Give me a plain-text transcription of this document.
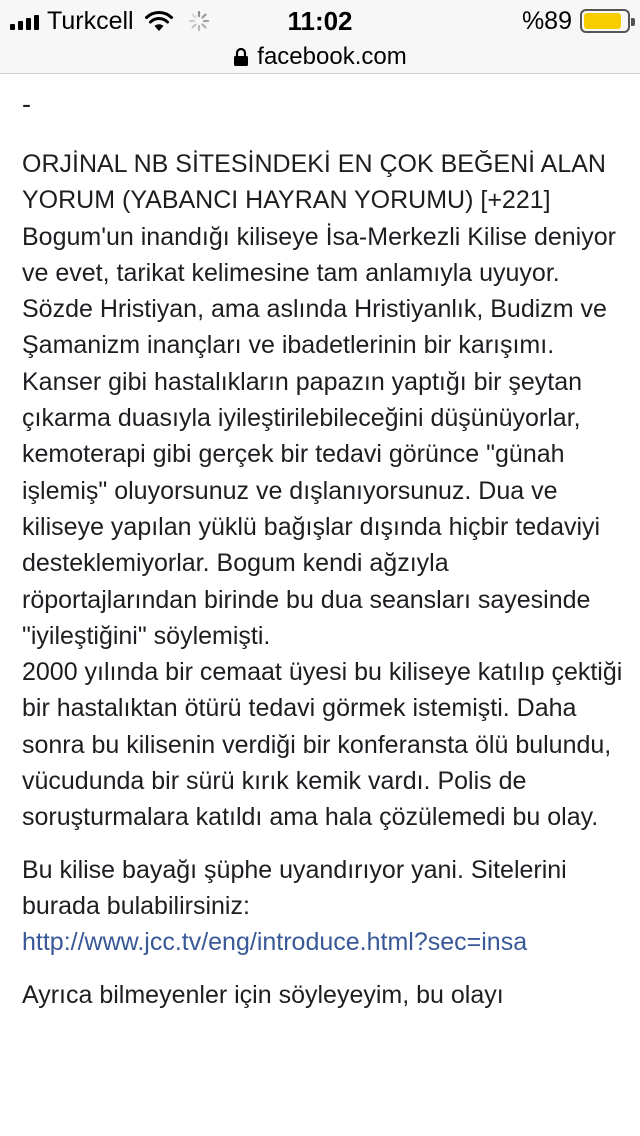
Turkcell	11:02	%89
facebook.com
-

ORJİNAL NB SİTESİNDEKİ EN ÇOK BEĞENİ ALAN YORUM (YABANCI HAYRAN YORUMU) [+221] Bogum'un inandığı kiliseye İsa-Merkezli Kilise deniyor ve evet, tarikat kelimesine tam anlamıyla uyuyor. Sözde Hristiyan, ama aslında Hristiyanlık, Budizm ve Şamanizm inançları ve ibadetlerinin bir karışımı. Kanser gibi hastalıkların papazın yaptığı bir şeytan çıkarma duasıyla iyileştirilebileceğini düşünüyorlar, kemoterapi gibi gerçek bir tedavi görünce "günah işlemiş" oluyorsunuz ve dışlanıyorsunuz. Dua ve kiliseye yapılan yüklü bağışlar dışında hiçbir tedaviyi desteklemiyorlar. Bogum kendi ağzıyla röportajlarından birinde bu dua seansları sayesinde "iyileştiğini" söylemişti.

2000 yılında bir cemaat üyesi bu kiliseye katılıp çektiği bir hastalıktan ötürü tedavi görmek istemişti. Daha sonra bu kilisenin verdiği bir konferansta ölü bulundu, vücudunda bir sürü kırık kemik vardı. Polis de soruşturmalara katıldı ama hala çözülemedi bu olay.

Bu kilise bayağı şüphe uyandırıyor yani. Sitelerini burada bulabilirsiniz:
http://www.jcc.tv/eng/introduce.html?sec=insa

Ayrıca bilmeyenler için söyleyeyim, bu olayı
